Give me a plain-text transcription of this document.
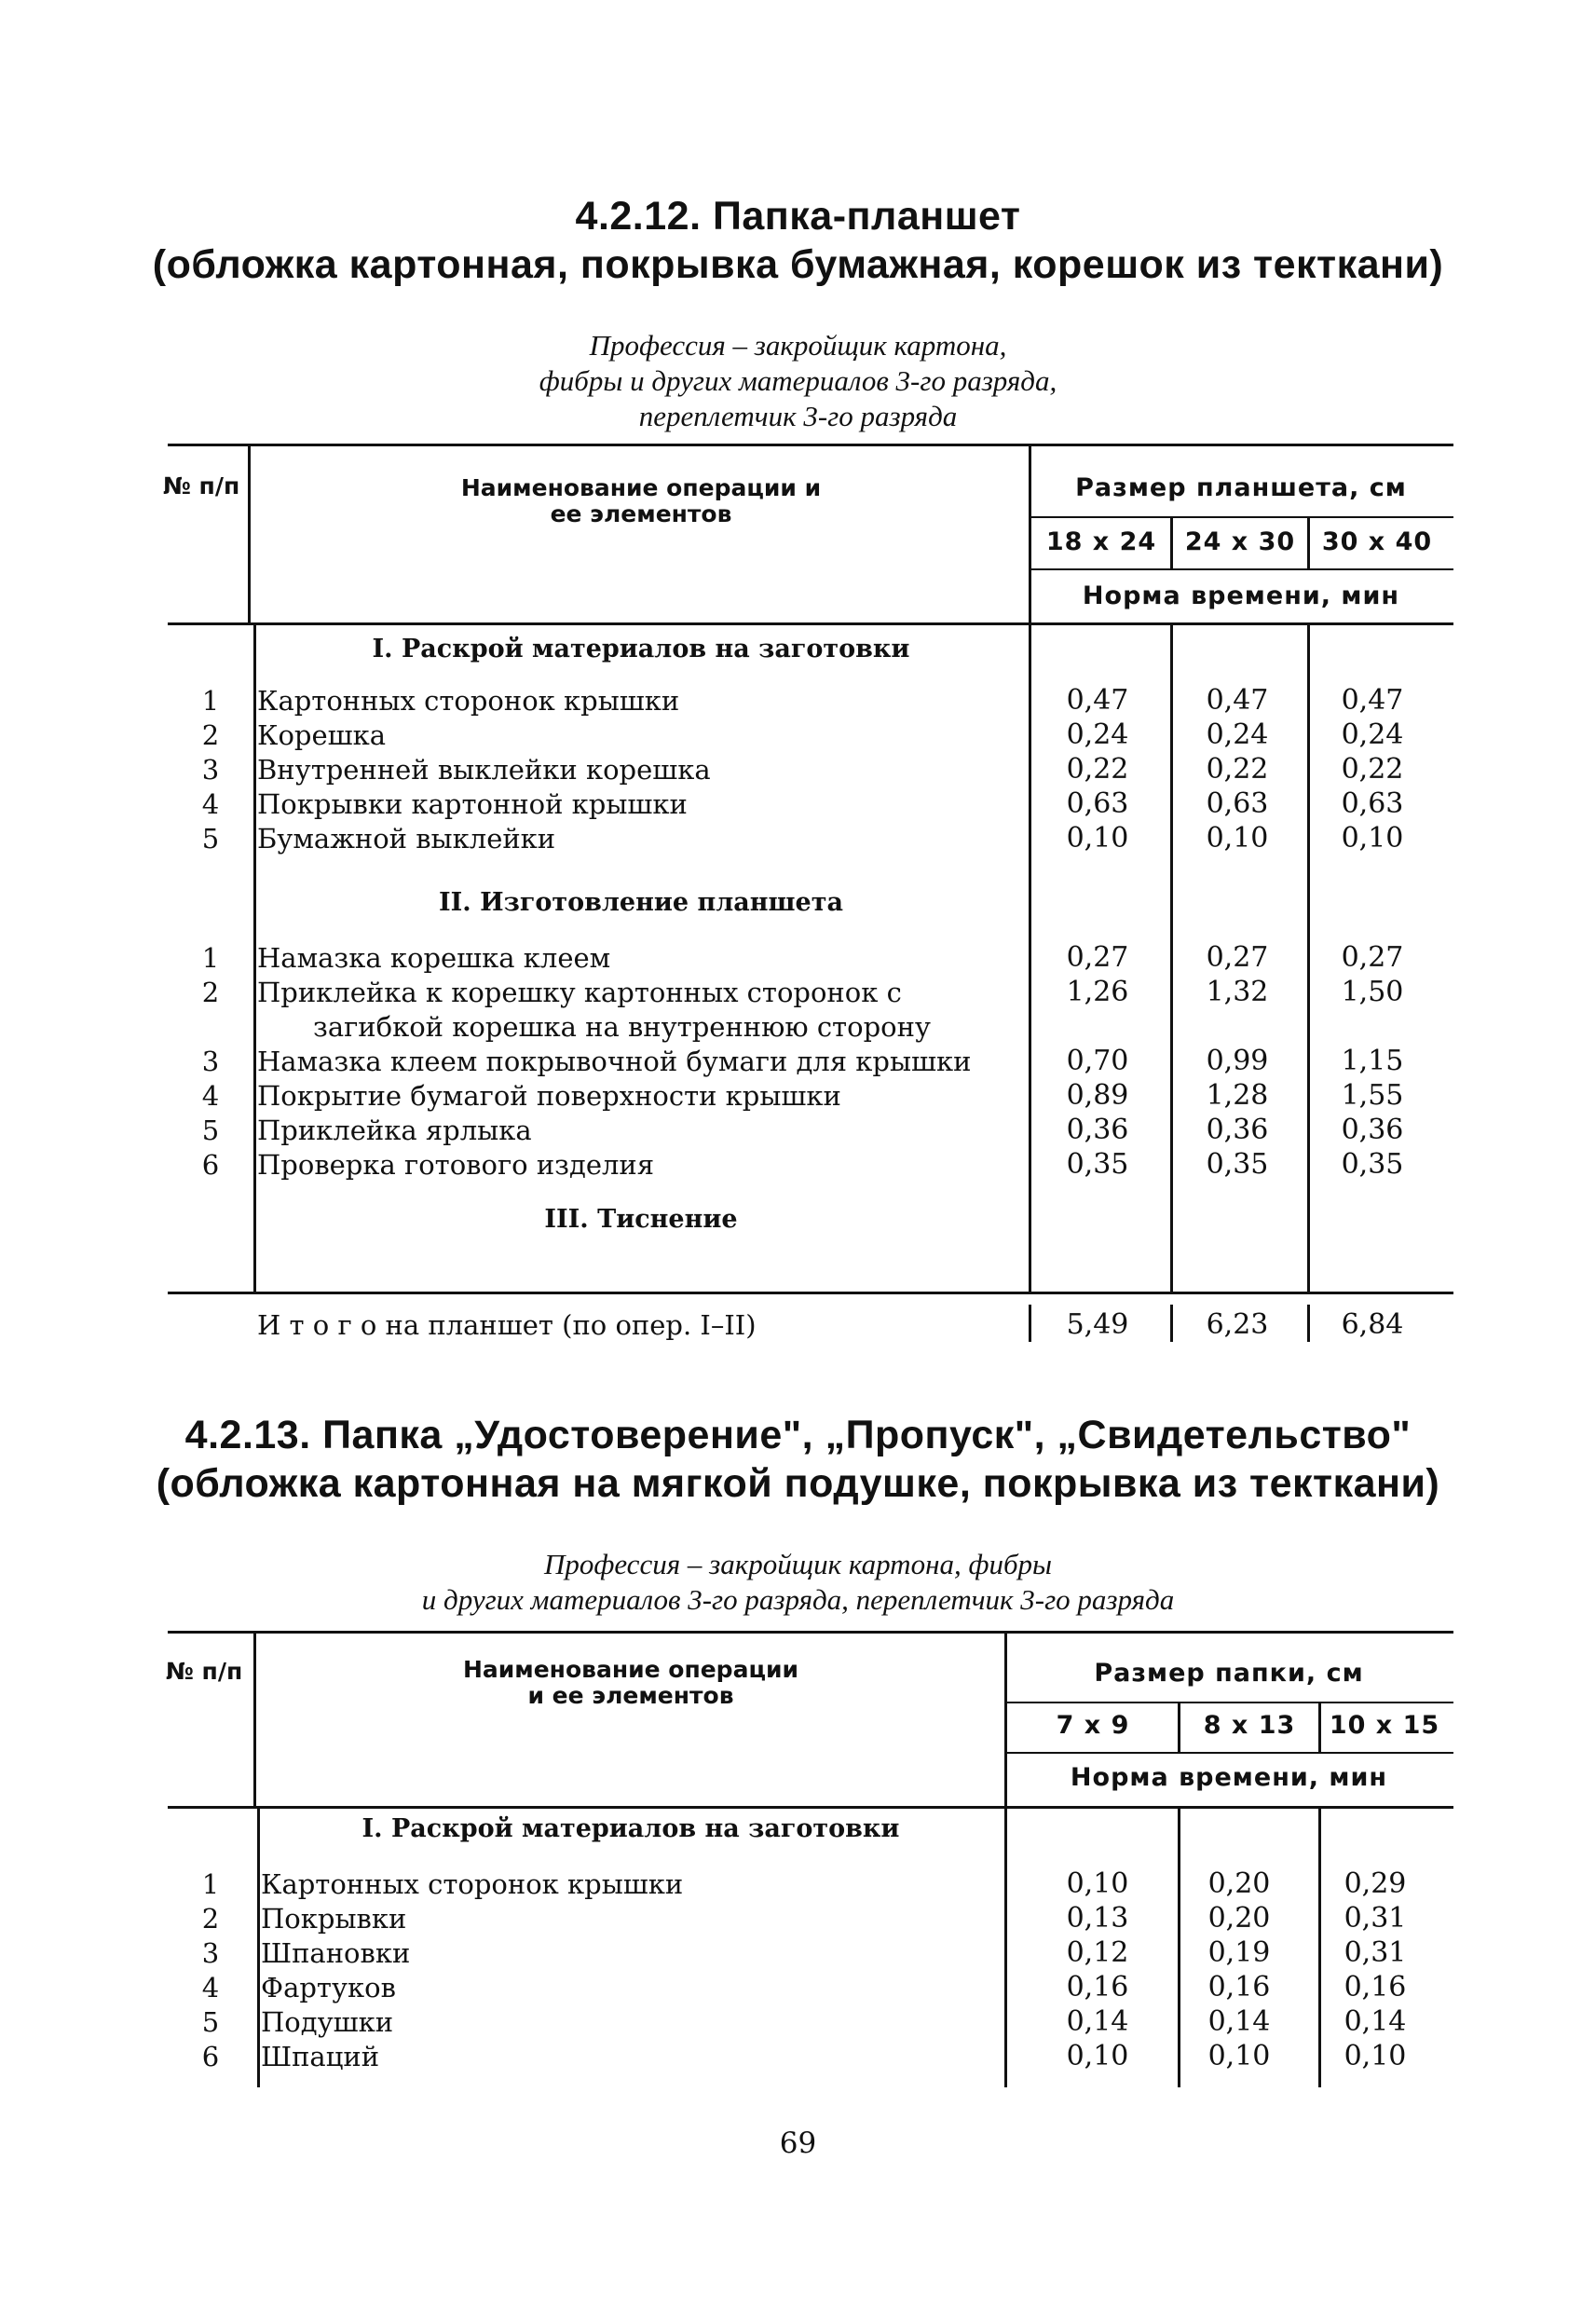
4.2.12. Папка-планшет
(обложка картонная, покрывка бумажная, корешок из текткани)
Профессия – закройщик картона,
фибры и других материалов 3-го разряда,
переплетчик 3-го разряда
№ п/п	Наименование операции и
ее элементов
Размер планшета, см
18 x 24	24 x 30	30 x 40
Норма времени, мин
I. Раскрой материалов на заготовки
1	Картонных сторонок крышки	0,47	0,47	0,47
2	Корешка	0,24	0,24	0,24
3	Внутренней выклейки корешка	0,22	0,22	0,22
4	Покрывки картонной крышки	0,63	0,63	0,63
5	Бумажной выклейки	0,10	0,10	0,10
II. Изготовление планшета
1	Намазка корешка клеем	0,27	0,27	0,27
2	Приклейка к корешку картонных сторонок с	1,26	1,32	1,50
загибкой корешка на внутреннюю сторону
3	Намазка клеем покрывочной бумаги для крышки	0,70	0,99	1,15
4	Покрытие бумагой поверхности крышки	0,89	1,28	1,55
5	Приклейка ярлыка	0,36	0,36	0,36
6	Проверка готового изделия	0,35	0,35	0,35
III. Тиснение
И т о г о на планшет (по опер. I–II)	5,49	6,23	6,84
4.2.13. Папка „Удостоверение", „Пропуск", „Свидетельство"
(обложка картонная на мягкой подушке, покрывка из текткани)
Профессия – закройщик картона, фибры
и других материалов 3-го разряда, переплетчик 3-го разряда
№ п/п	Наименование операции
и ее элементов
Размер папки, см
7 x 9	8 x 13	10 x 15
Норма времени, мин
I. Раскрой материалов на заготовки
1	Картонных сторонок крышки	0,10	0,20	0,29
2	Покрывки	0,13	0,20	0,31
3	Шпановки	0,12	0,19	0,31
4	Фартуков	0,16	0,16	0,16
5	Подушки	0,14	0,14	0,14
6	Шпаций	0,10	0,10	0,10
69
